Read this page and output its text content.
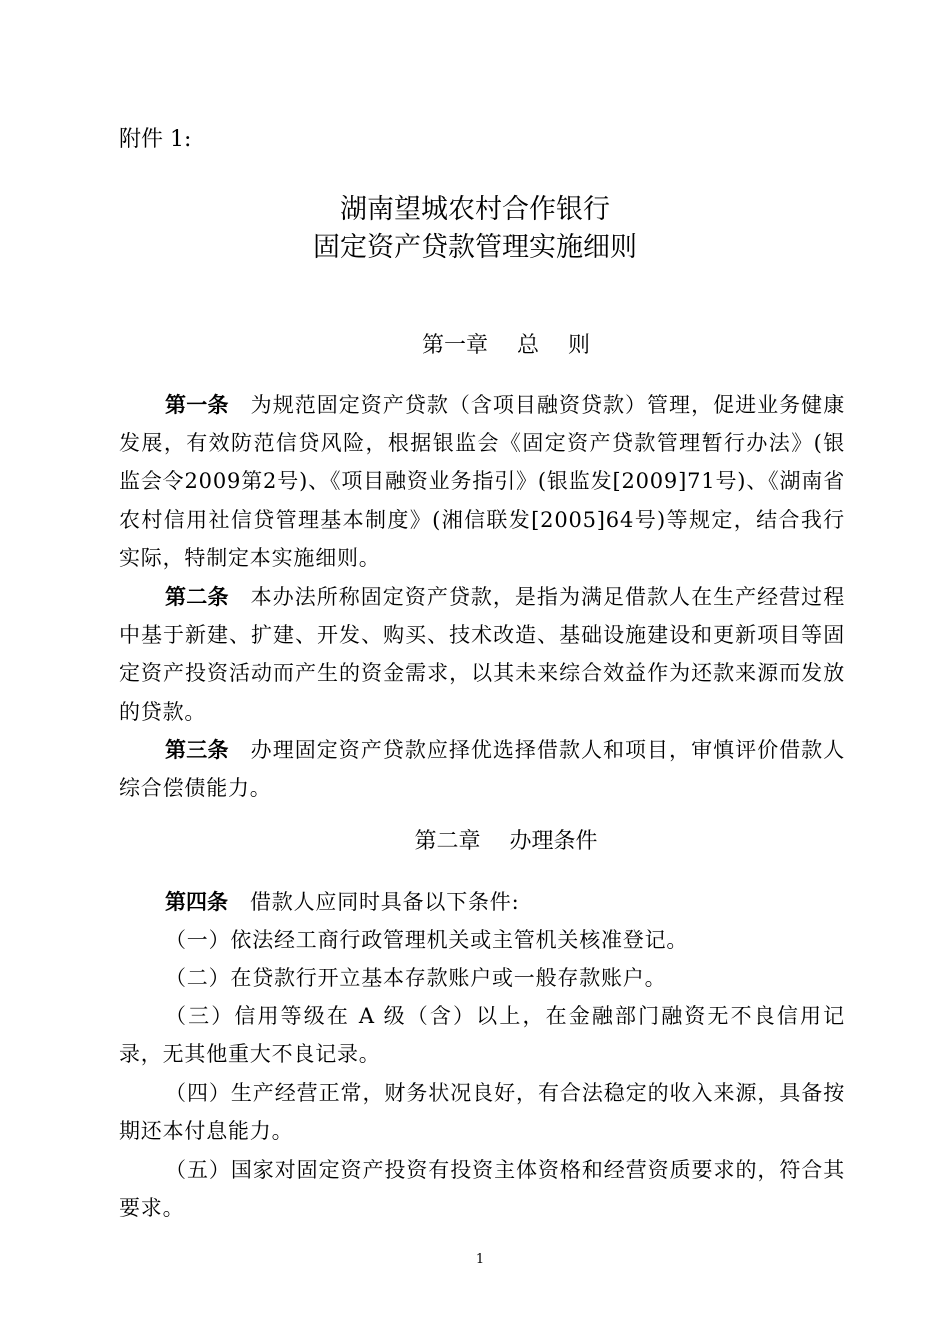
附件 1:
湖南望城农村合作银行
固定资产贷款管理实施细则
第一章　 总　 则
第一条 为规范固定资产贷款（含项目融资贷款）管理，促进业务健康发展，有效防范信贷风险，根据银监会《固定资产贷款管理暂行办法》(银监会令2009第2号)、《项目融资业务指引》(银监发[2009]71号)、《湖南省农村信用社信贷管理基本制度》(湘信联发[2005]64号)等规定，结合我行实际，特制定本实施细则。
第二条 本办法所称固定资产贷款，是指为满足借款人在生产经营过程中基于新建、扩建、开发、购买、技术改造、基础设施建设和更新项目等固定资产投资活动而产生的资金需求，以其未来综合效益作为还款来源而发放的贷款。
第三条 办理固定资产贷款应择优选择借款人和项目，审慎评价借款人综合偿债能力。
第二章　 办理条件
第四条 借款人应同时具备以下条件:
（一）依法经工商行政管理机关或主管机关核准登记。
（二）在贷款行开立基本存款账户或一般存款账户。
（三）信用等级在 A 级（含）以上，在金融部门融资无不良信用记录，无其他重大不良记录。
（四）生产经营正常，财务状况良好，有合法稳定的收入来源，具备按期还本付息能力。
（五）国家对固定资产投资有投资主体资格和经营资质要求的，符合其要求。
1
